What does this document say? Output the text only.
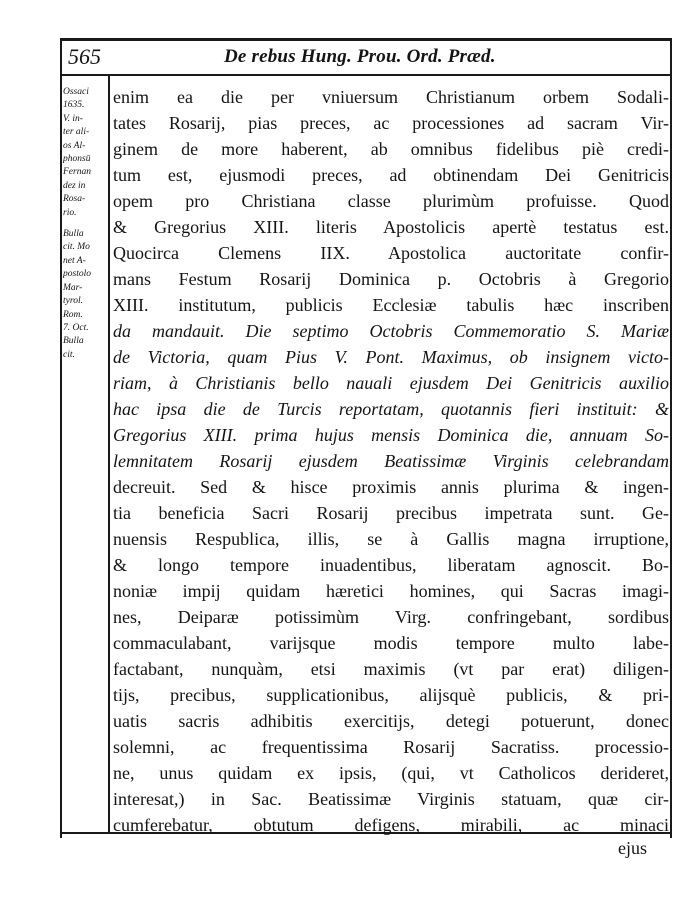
565	De rebus Hung. Prou. Ord. Præd.
Ossaci
1635.
V. in-
ter ali-
os Al-
phonsū
Fernan
dez in
Rosa-
rio.
Bulla
cit. Mo
net A-
postolo
Mar-
tyrol.
Rom.
7. Oct.
Bulla
cit.
enim ea die per vniuersum Christianum orbem Sodali-
tates Rosarij, pias preces, ac processiones ad sacram Vir-
ginem de more haberent, ab omnibus fidelibus piè credi-
tum est, ejusmodi preces, ad obtinendam Dei Genitricis
opem pro Christiana classe plurimùm profuisse. Quod
& Gregorius XIII. literis Apostolicis apertè testatus est.
Quocirca Clemens IIX. Apostolica auctoritate confir-
mans Festum Rosarij Dominica p. Octobris à Gregorio
XIII. institutum, publicis Ecclesiæ tabulis hæc inscriben
da mandauit. Die septimo Octobris Commemoratio S. Mariæ
de Victoria, quam Pius V. Pont. Maximus, ob insignem victo-
riam, à Christianis bello nauali ejusdem Dei Genitricis auxilio
hac ipsa die de Turcis reportatam, quotannis fieri instituit: &
Gregorius XIII. prima hujus mensis Dominica die, annuam So-
lemnitatem Rosarij ejusdem Beatissimæ Virginis celebrandam
decreuit. Sed & hisce proximis annis plurima & ingen-
tia beneficia Sacri Rosarij precibus impetrata sunt. Ge-
nuensis Respublica, illis, se à Gallis magna irruptione,
& longo tempore inuadentibus, liberatam agnoscit. Bo-
noniæ impij quidam hæretici homines, qui Sacras imagi-
nes, Deiparæ potissimùm Virg. confringebant, sordibus
commaculabant, varijsque modis tempore multo labe-
factabant, nunquàm, etsi maximis (vt par erat) diligen-
tijs, precibus, supplicationibus, alijsquè publicis, & pri-
uatis sacris adhibitis exercitijs, detegi potuerunt, donec
solemni, ac frequentissima Rosarij Sacratiss. processio-
ne, unus quidam ex ipsis, (qui, vt Catholicos derideret,
interesat,) in Sac. Beatissimæ Virginis statuam, quæ cir-
cumferebatur, obtutum defigens, mirabili, ac minaci
ejus
